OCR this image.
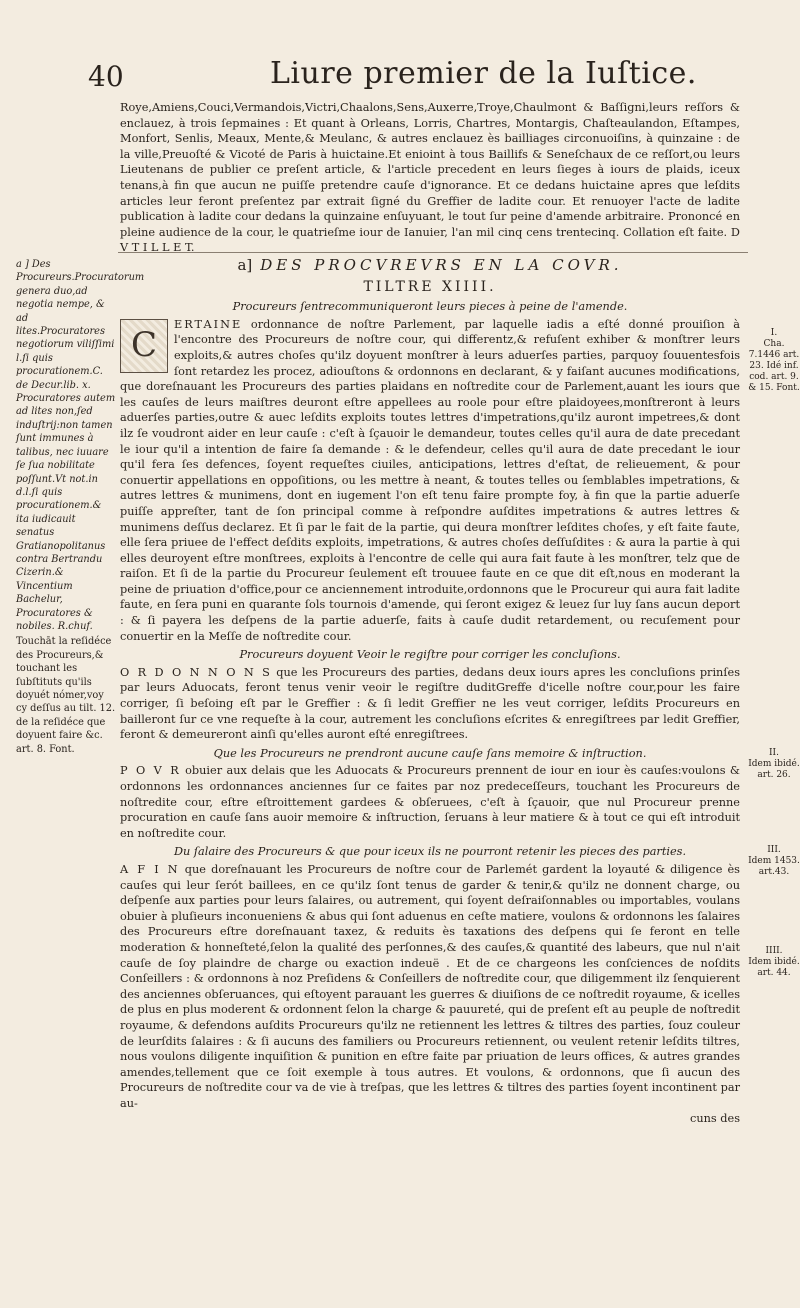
40	Liure premier de la Iuſtice.

Roye,Amiens,Couci,Vermandois,Victri,Chaalons,Sens,Auxerre,Troye,Chaulmont & Baſſigni,leurs reſſors & enclauez, à trois ſepmaines : Et quant à Orleans, Lorris, Chartres, Montargis, Chaſteaulandon, Eſtampes, Monfort, Senlis, Meaux, Mente,& Meulanc, & autres enclauez ès bailliages circonuoiſins, à quinzaine : de la ville,Preuoſté & Vicoté de Paris à huictaine.Et enioint à tous Baillifs & Seneſchaux de ce reſſort,ou leurs Lieutenans de publier ce preſent article, & l'article precedent en leurs ſieges à iours de plaids, iceux tenans,à fin que aucun ne puiſſe pretendre cauſe d'ignorance. Et ce dedans huictaine apres que leſdits articles leur feront preſentez par extrait ſigné du Greffier de ladite cour. Et renuoyer l'acte de ladite publication à ladite cour dedans la quinzaine enſuyuant, le tout ſur peine d'amende arbitraire. Prononcé en pleine audience de la cour, le quatrieſme iour de Ianuier, l'an mil cinq cens trentecinq. Collation eſt faite. D V T I L L E T.

a] DES PROCVREVRS EN LA COVR.
TILTRE XIIII.
Procureurs ſentrecommuniqueront leurs pieces à peine de l'amende.

C
ERTAINE ordonnance de noſtre Parlement, par laquelle iadis a eſté donné prouiſion à l'encontre des Procureurs de noſtre cour, qui differentz,& refuſent exhiber & monſtrer leurs exploits,& autres choſes qu'ilz doyuent monſtrer à leurs aduerſes parties, parquoy ſouuentesfois ſont retardez les procez, adiouſtons & ordonnons en declarant, & y faiſant aucunes modifications, que doreſnauant les Procureurs des parties plaidans en noſtredite cour de Parlement,auant les iours que les cauſes de leurs maiſtres deuront eſtre appellees au roole pour eſtre plaidoyees,monſtreront à leurs aduerſes parties,outre & auec leſdits exploits toutes lettres d'impetrations,qu'ilz auront impetrees,& dont ilz ſe voudront aider en leur cauſe : c'eſt à ſçauoir le demandeur, toutes celles qu'il aura de date precedant le iour qu'il a intention de faire ſa demande : & le defendeur, celles qu'il aura de date precedant le iour qu'il fera ſes defences, ſoyent requeſtes ciuiles, anticipations, lettres d'eſtat, de relieuement, & pour conuertir appellations en oppoſitions, ou les mettre à neant, & toutes telles ou ſemblables impetrations, & autres lettres & munimens, dont en iugement l'on eſt tenu faire prompte foy, à fin que la partie aduerſe puiſſe appreſter, tant de ſon principal comme à reſpondre auſdites impetrations & autres lettres & munimens deſſus declarez. Et ſi par le fait de la partie, qui deura monſtrer leſdites choſes, y eſt faite faute, elle ſera priuee de l'effect deſdits exploits, impetrations, & autres choſes deſſuſdites : & aura la partie à qui elles deuroyent eſtre monſtrees, exploits à l'encontre de celle qui aura fait faute à les monſtrer, telz que de raiſon. Et ſi de la partie du Procureur ſeulement eſt trouuee faute en ce que dit eſt,nous en moderant la peine de priuation d'office,pour ce anciennement introduite,ordonnons que le Procureur qui aura fait ladite faute, en ſera puni en quarante ſols tournois d'amende, qui ſeront exigez & leuez ſur luy ſans aucun deport : & ſi payera les deſpens de la partie aduerſe, faits à cauſe dudit retardement, ou recuſement pour conuertir en la Meſſe de noſtredite cour.

Procureurs doyuent Veoir le regiſtre pour corriger les concluſions.

O R D O N N O N S que les Procureurs des parties, dedans deux iours apres les concluſions prinſes par leurs Aduocats, feront tenus venir veoir le regiſtre duditGreffe d'icelle noſtre cour,pour les faire corriger, ſi beſoing eſt par le Greffier : & ſi ledit Greffier ne les veut corriger, leſdits Procureurs en bailleront ſur ce vne requeſte à la cour, autrement les concluſions eſcrites & enregiſtrees par ledit Greffier, feront & demeureront ainſi qu'elles auront eſté enregiſtrees.

Que les Procureurs ne prendront aucune cauſe ſans memoire & inſtruction.

P O V R obuier aux delais que les Aduocats & Procureurs prennent de iour en iour ès cauſes:voulons & ordonnons les ordonnances anciennes ſur ce faites par noz predeceſſeurs, touchant les Procureurs de noſtredite cour, eſtre eſtroittement gardees & obſeruees, c'eſt à ſçauoir, que nul Procureur prenne procuration en cauſe ſans auoir memoire & inſtruction, ſeruans à leur matiere & à tout ce qui eſt introduit en noſtredite cour.

Du ſalaire des Procureurs & que pour iceux ils ne pourront retenir les pieces des parties.

A F I N que doreſnauant les Procureurs de noſtre cour de Parlemét gardent la loyauté & diligence ès cauſes qui leur ſerót baillees, en ce qu'ilz ſont tenus de garder & tenir,& qu'ilz ne donnent charge, ou deſpenſe aux parties pour leurs ſalaires, ou autrement, qui ſoyent deſraiſonnables ou importables, voulans obuier à pluſieurs inconueniens & abus qui ſont aduenus en ceſte matiere, voulons & ordonnons les ſalaires des Procureurs eſtre doreſnauant taxez, & reduits ès taxations des deſpens qui ſe feront en telle moderation & honneſteté,ſelon la qualité des perſonnes,& des cauſes,& quantité des labeurs, que nul n'ait cauſe de ſoy plaindre de charge ou exaction indeuë . Et de ce chargeons les conſciences de noſdits Conſeillers : & ordonnons à noz Preſidens & Conſeillers de noſtredite cour, que diligemment ilz ſenquierent des anciennes obſeruances, qui eſtoyent parauant les guerres & diuiſions de ce noſtredit royaume, & icelles de plus en plus moderent & ordonnent ſelon la charge & pauureté, qui de preſent eſt au peuple de noſtredit royaume, & defendons auſdits Procureurs qu'ilz ne retiennent les lettres & tiltres des parties, ſouz couleur de leurſdits ſalaires : & ſi aucuns des familiers ou Procureurs retiennent, ou veulent retenir leſdits tiltres, nous voulons diligente inquiſition & punition en eſtre faite par priuation de leurs offices, & autres grandes amendes,tellement que ce ſoit exemple à tous autres. Et voulons, & ordonnons, que ſi aucun des Procureurs de noſtredite cour va de vie à treſpas, que les lettres & tiltres des parties ſoyent incontinent par au-

cuns des
a ] Des Procureurs.Procuratorum genera duo,ad negotia nempe, & ad lites.Procuratores negotiorum viliſſimi l.ſi quis procurationem.C. de Decur.lib. x. Procuratores autem ad lites non,ſed induſtrij:non tamen ſunt immunes à talibus, nec iuuare ſe ſua nobilitate poſſunt.Vt not.in d.l.ſi quis procurationem.& ita iudicauit senatus Gratianopolitanus contra Bertrandu Cizerin.& Vincentium Bachelur, Procuratores & nobiles. R.chuf.
Touchāt la reſidéce des Procureurs,& touchant les ſubſtituts qu'ils doyuét nómer,voy cy deſſus au tilt. 12. de la reſidéce que doyuent faire &c. art. 8. Font.
I.
Cha. 7.1446 art. 23. Idé inf. cod. art. 9. & 15. Font.
II.
Idem ibidé. art. 26.
III.
Idem 1453. art.43.
IIII.
Idem ibidé. art. 44.
